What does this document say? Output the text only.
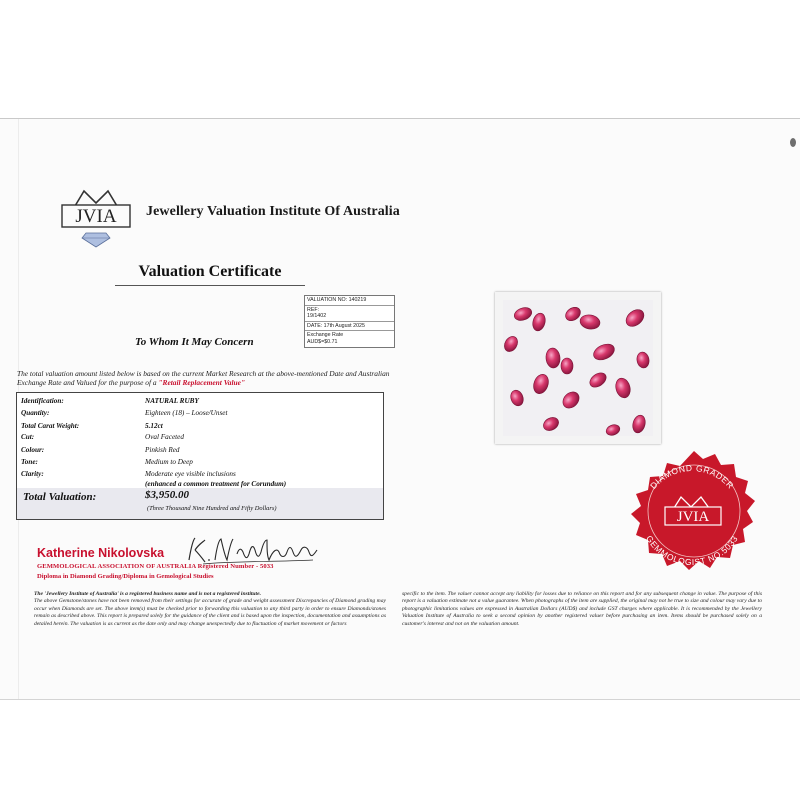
JVIA Jewellery Valuation Institute Of Australia
Valuation Certificate
VALUATION NO: 140219
REF:
19/1402
DATE: 17th August 2025
Exchange Rate
AUD$=$0.71
To Whom It May Concern
The total valuation amount listed below is based on the current Market Research at the above-mentioned Date and Australian Exchange Rate and Valued for the purpose of a "Retail Replacement Value"
Identification:	NATURAL RUBY
Quantity:	Eighteen (18) – Loose/Unset
Total Carat Weight:	5.12ct
Cut:	Oval Faceted
Colour:	Pinkish Red
Tone:	Medium to Deep
Clarity:	Moderate eye visible inclusions
(enhanced a common treatment for Corundum)
Total Valuation:	$3,950.00
(Three Thousand Nine Hundred and Fifty Dollars)
Katherine Nikolovska
GEMMOLOGICAL ASSOCIATION OF AUSTRALIA Registered Number - 5033
Diploma in Diamond Grading/Diploma in Gemological Studies
The 'Jewellery Institute of Australia' is a registered business name and is not a registered institute.
The above Gemstone/stones have not been removed from their settings for accurate of grade and weight assessment Discrepancies of Diamond grading may occur when Diamonds are set. The above item(s) must be checked prior to forwarding this valuation to any third party in order to ensure Diamonds/stones remain as described above. This report is prepared solely for the guidance of the client and is based upon the inspection, documentation and assumptions as detailed herein. The valuation is as current as the date only and may change unexpectedly due to fluctuation of market movement or factors
specific to the item. The valuer cannot accept any liability for losses due to reliance on this report and for any subsequent change in value. The purpose of this report is a valuation estimate not a value guarantee. When photographs of the item are supplied, the original may not be true to size and colour may vary due to photographic limitations values are expressed in Australian Dollars (AUD$) and include GST charges where applicable. It is recommended by the Jewellery Valuation Institute of Australia to seek a second opinion by another registered valuer before purchasing an item. Items should be purchased solely on a customer's interest and not on the valuation amount.
DIAMOND GRADER
GEMMOLOGIST NO.5033
JVIA
